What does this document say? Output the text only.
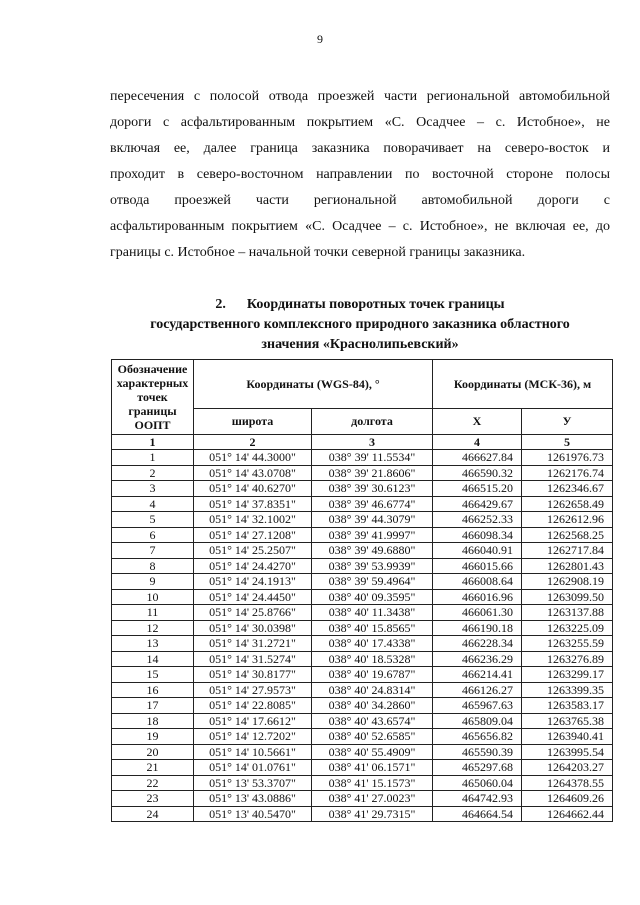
9
пересечения с полосой отвода проезжей части региональной автомобильной
дороги с асфальтированным покрытием «С. Осадчее – с. Истобное», не
включая ее, далее граница заказника поворачивает на северо-восток и
проходит в северо-восточном направлении по восточной стороне полосы
отвода проезжей части региональной автомобильной дороги с
асфальтированным покрытием «С. Осадчее – с. Истобное», не включая ее, до
границы с. Истобное – начальной точки северной границы заказника.
2. Координаты поворотных точек границы
государственного комплексного природного заказника областного
значения «Краснолипьевский»
Обозначение характерных точек границы ООПТ	Координаты (WGS-84), °		Координаты (МСК-36), м	
	широта	долгота	X	У
1	2	3	4	5
1	051° 14' 44.3000"	038° 39' 11.5534"	466627.84	1261976.73
2	051° 14' 43.0708"	038° 39' 21.8606"	466590.32	1262176.74
3	051° 14' 40.6270"	038° 39' 30.6123"	466515.20	1262346.67
4	051° 14' 37.8351"	038° 39' 46.6774"	466429.67	1262658.49
5	051° 14' 32.1002"	038° 39' 44.3079"	466252.33	1262612.96
6	051° 14' 27.1208"	038° 39' 41.9997"	466098.34	1262568.25
7	051° 14' 25.2507"	038° 39' 49.6880"	466040.91	1262717.84
8	051° 14' 24.4270"	038° 39' 53.9939"	466015.66	1262801.43
9	051° 14' 24.1913"	038° 39' 59.4964"	466008.64	1262908.19
10	051° 14' 24.4450"	038° 40' 09.3595"	466016.96	1263099.50
11	051° 14' 25.8766"	038° 40' 11.3438"	466061.30	1263137.88
12	051° 14' 30.0398"	038° 40' 15.8565"	466190.18	1263225.09
13	051° 14' 31.2721"	038° 40' 17.4338"	466228.34	1263255.59
14	051° 14' 31.5274"	038° 40' 18.5328"	466236.29	1263276.89
15	051° 14' 30.8177"	038° 40' 19.6787"	466214.41	1263299.17
16	051° 14' 27.9573"	038° 40' 24.8314"	466126.27	1263399.35
17	051° 14' 22.8085"	038° 40' 34.2860"	465967.63	1263583.17
18	051° 14' 17.6612"	038° 40' 43.6574"	465809.04	1263765.38
19	051° 14' 12.7202"	038° 40' 52.6585"	465656.82	1263940.41
20	051° 14' 10.5661"	038° 40' 55.4909"	465590.39	1263995.54
21	051° 14' 01.0761"	038° 41' 06.1571"	465297.68	1264203.27
22	051° 13' 53.3707"	038° 41' 15.1573"	465060.04	1264378.55
23	051° 13' 43.0886"	038° 41' 27.0023"	464742.93	1264609.26
24	051° 13' 40.5470"	038° 41' 29.7315"	464664.54	1264662.44
